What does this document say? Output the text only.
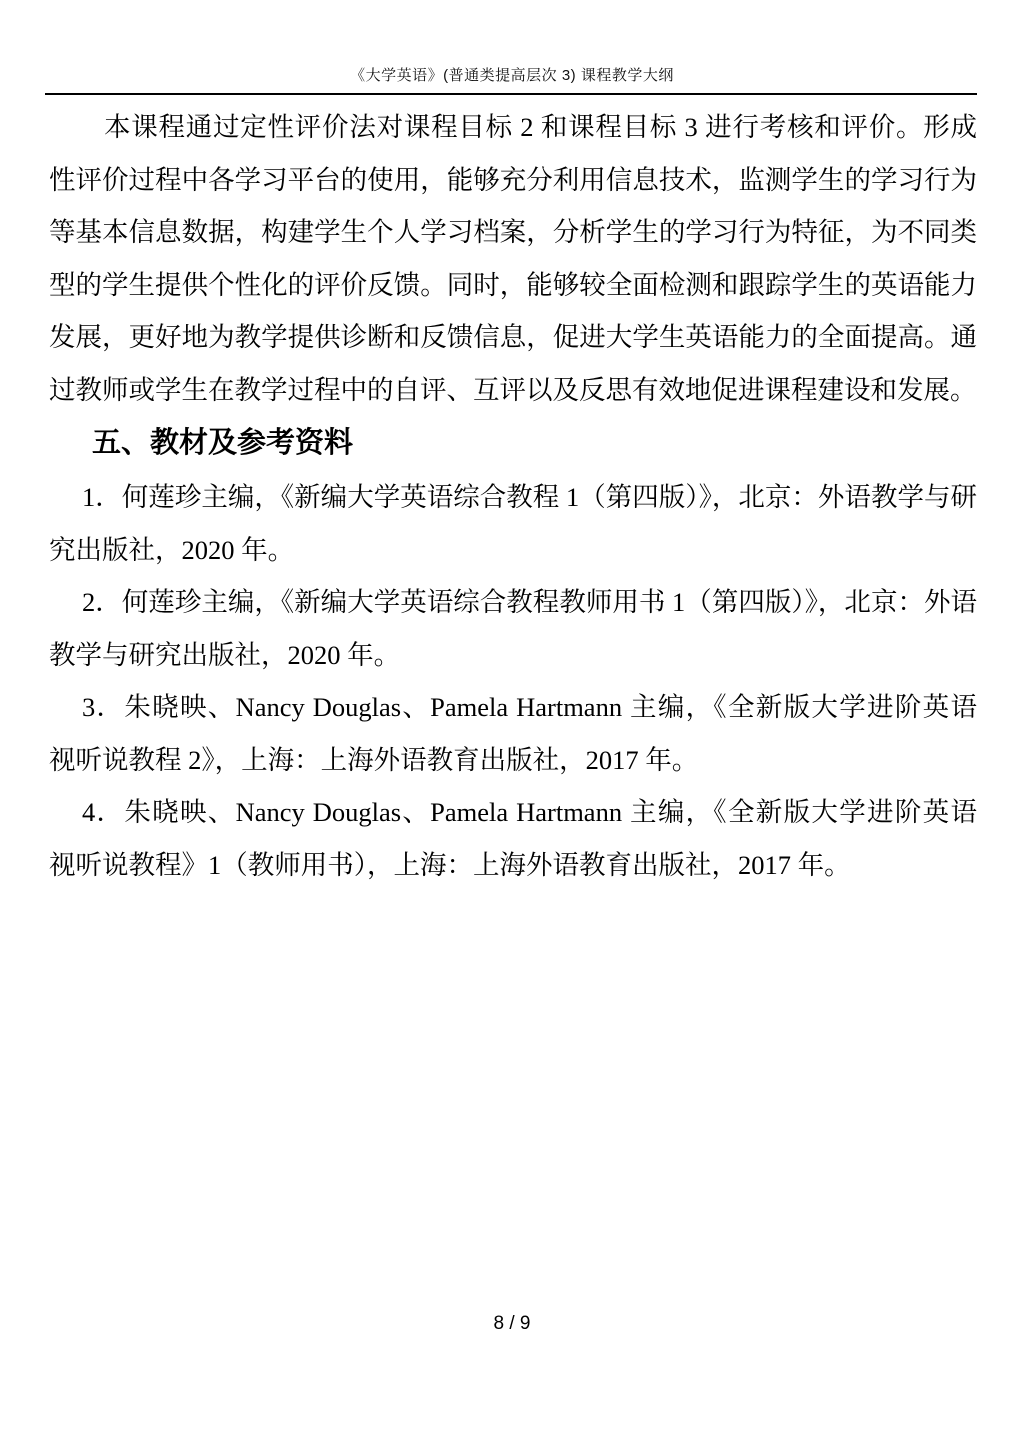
《大学英语》(普通类提高层次 3) 课程教学大纲

本课程通过定性评价法对课程目标 2 和课程目标 3 进行考核和评价。形成性评价过程中各学习平台的使用，能够充分利用信息技术，监测学生的学习行为等基本信息数据，构建学生个人学习档案，分析学生的学习行为特征，为不同类型的学生提供个性化的评价反馈。同时，能够较全面检测和跟踪学生的英语能力发展，更好地为教学提供诊断和反馈信息，促进大学生英语能力的全面提高。通过教师或学生在教学过程中的自评、互评以及反思有效地促进课程建设和发展。

五、教材及参考资料

1．何莲珍主编，《新编大学英语综合教程 1（第四版）》，北京：外语教学与研究出版社，2020 年。

2．何莲珍主编，《新编大学英语综合教程教师用书 1（第四版）》，北京：外语教学与研究出版社，2020 年。

3．朱晓映、Nancy Douglas、Pamela Hartmann 主编，《全新版大学进阶英语 视听说教程 2》，上海：上海外语教育出版社，2017 年。

4．朱晓映、Nancy Douglas、Pamela Hartmann 主编，《全新版大学进阶英语 视听说教程》1（教师用书），上海：上海外语教育出版社，2017 年。

8 / 9
